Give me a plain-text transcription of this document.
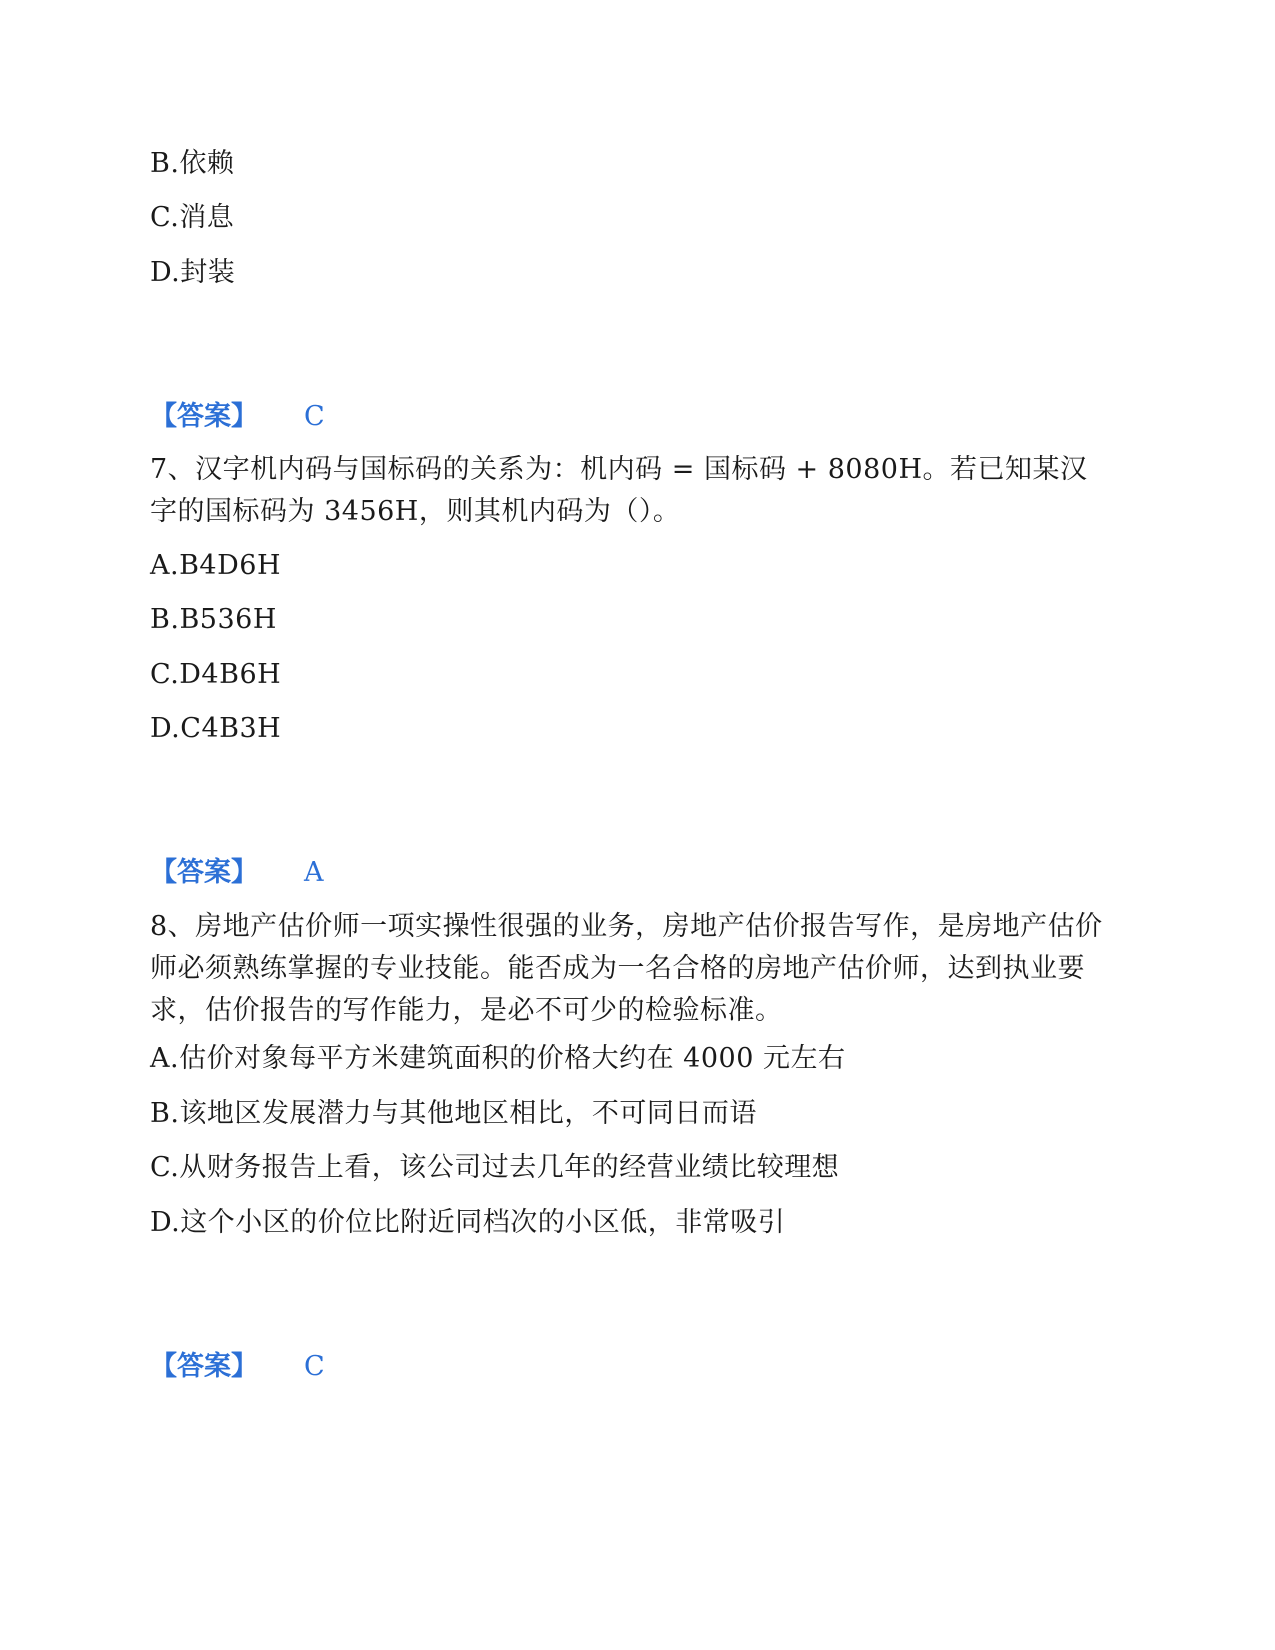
B.依赖
C.消息
D.封装
【答案】 C
7、汉字机内码与国标码的关系为：机内码 = 国标码 + 8080H。若已知某汉字的国标码为 3456H，则其机内码为（）。
A.B4D6H
B.B536H
C.D4B6H
D.C4B3H
【答案】 A
8、房地产估价师一项实操性很强的业务，房地产估价报告写作，是房地产估价师必须熟练掌握的专业技能。能否成为一名合格的房地产估价师，达到执业要求，估价报告的写作能力，是必不可少的检验标准。
A.估价对象每平方米建筑面积的价格大约在 4000 元左右
B.该地区发展潜力与其他地区相比，不可同日而语
C.从财务报告上看，该公司过去几年的经营业绩比较理想
D.这个小区的价位比附近同档次的小区低，非常吸引
【答案】 C
